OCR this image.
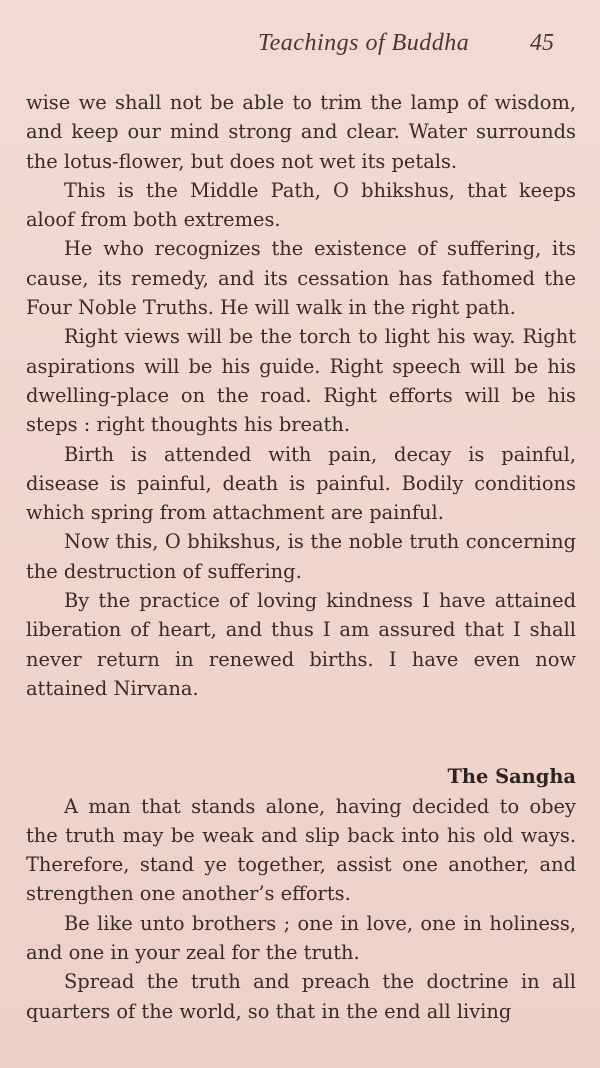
Teachings of Buddha	45

wise we shall not be able to trim the lamp of wisdom, and keep our mind strong and clear. Water surrounds the lotus-flower, but does not wet its petals.

This is the Middle Path, O bhikshus, that keeps aloof from both extremes.

He who recognizes the existence of suffering, its cause, its remedy, and its cessation has fathomed the Four Noble Truths. He will walk in the right path.

Right views will be the torch to light his way. Right aspirations will be his guide. Right speech will be his dwelling-place on the road. Right efforts will be his steps : right thoughts his breath.

Birth is attended with pain, decay is painful, disease is painful, death is painful. Bodily conditions which spring from attachment are painful.

Now this, O bhikshus, is the noble truth concerning the destruction of suffering.

By the practice of loving kindness I have attained liberation of heart, and thus I am assured that I shall never return in renewed births. I have even now attained Nirvana.

The Sangha

A man that stands alone, having decided to obey the truth may be weak and slip back into his old ways. Therefore, stand ye together, assist one another, and strengthen one another’s efforts.

Be like unto brothers ; one in love, one in holiness, and one in your zeal for the truth.

Spread the truth and preach the doctrine in all quarters of the world, so that in the end all living
